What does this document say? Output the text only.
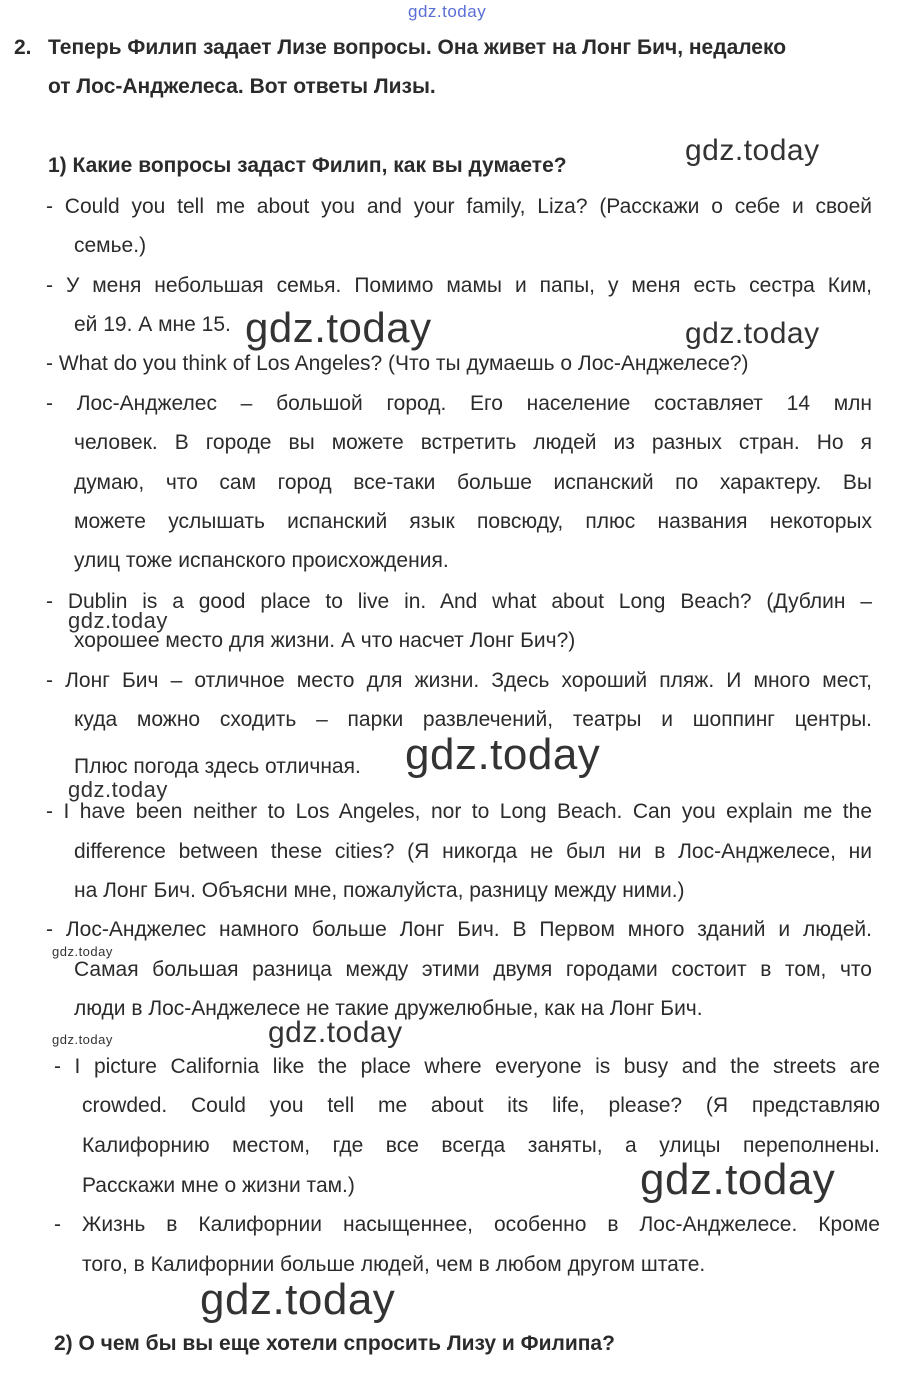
gdz.today
gdz.today
gdz.today	gdz.today
gdz.today
gdz.today
gdz.today
gdz.today
gdz.today	gdz.today
gdz.today
gdz.today
2. Теперь Филип задает Лизе вопросы. Она живет на Лонг Бич, недалеко
от Лос-Анджелеса. Вот ответы Лизы.
1) Какие вопросы задаст Филип, как вы думаете?
- Could you tell me about you and your family, Liza? (Расскажи о себе и своей
семье.)
- У меня небольшая семья. Помимо мамы и папы, у меня есть сестра Ким,
ей 19. А мне 15.
- What do you think of Los Angeles? (Что ты думаешь о Лос-Анджелесе?)
- Лос-Анджелес – большой город. Его население составляет 14 млн
человек. В городе вы можете встретить людей из разных стран. Но я
думаю, что сам город все-таки больше испанский по характеру. Вы
можете услышать испанский язык повсюду, плюс названия некоторых
улиц тоже испанского происхождения.
- Dublin is a good place to live in. And what about Long Beach? (Дублин –
хорошее место для жизни. А что насчет Лонг Бич?)
- Лонг Бич – отличное место для жизни. Здесь хороший пляж. И много мест,
куда можно сходить – парки развлечений, театры и шоппинг центры.
Плюс погода здесь отличная.
- I have been neither to Los Angeles, nor to Long Beach. Can you explain me the
difference between these cities? (Я никогда не был ни в Лос-Анджелесе, ни
на Лонг Бич. Объясни мне, пожалуйста, разницу между ними.)
- Лос-Анджелес намного больше Лонг Бич. В Первом много зданий и людей.
Самая большая разница между этими двумя городами состоит в том, что
люди в Лос-Анджелесе не такие дружелюбные, как на Лонг Бич.
- I picture California like the place where everyone is busy and the streets are
crowded. Could you tell me about its life, please? (Я представляю
Калифорнию местом, где все всегда заняты, а улицы переполнены.
Расскажи мне о жизни там.)
- Жизнь в Калифорнии насыщеннее, особенно в Лос-Анджелесе. Кроме
того, в Калифорнии больше людей, чем в любом другом штате.
2) О чем бы вы еще хотели спросить Лизу и Филипа?
